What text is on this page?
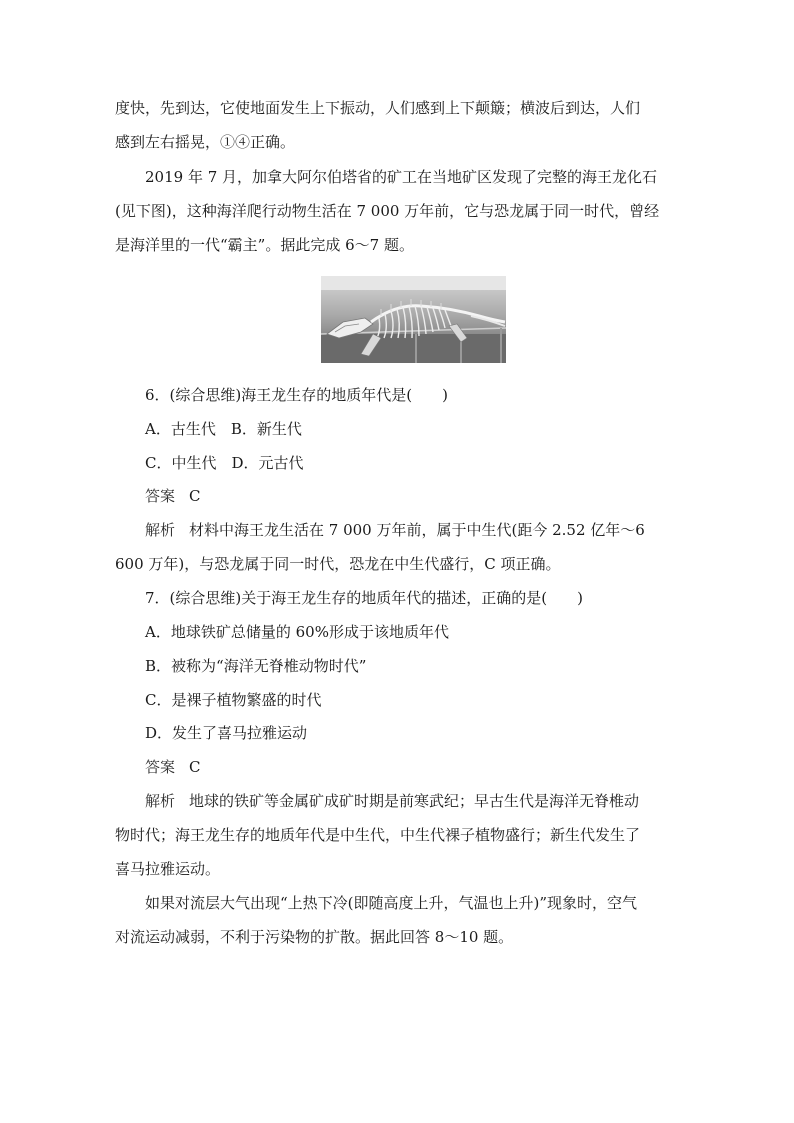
度快，先到达，它使地面发生上下振动，人们感到上下颠簸；横波后到达，人们
感到左右摇晃，①④正确。
2019 年 7 月，加拿大阿尔伯塔省的矿工在当地矿区发现了完整的海王龙化石
(见下图)，这种海洋爬行动物生活在 7 000 万年前，它与恐龙属于同一时代，曾经
是海洋里的一代“霸主”。据此完成 6～7 题。
6．(综合思维)海王龙生存的地质年代是(　　)
A．古生代　B．新生代
C．中生代　D．元古代
答案 C
解析 材料中海王龙生活在 7 000 万年前，属于中生代(距今 2.52 亿年～6
600 万年)，与恐龙属于同一时代，恐龙在中生代盛行，C 项正确。
7．(综合思维)关于海王龙生存的地质年代的描述，正确的是(　　)
A．地球铁矿总储量的 60%形成于该地质年代
B．被称为“海洋无脊椎动物时代”
C．是裸子植物繁盛的时代
D．发生了喜马拉雅运动
答案 C
解析 地球的铁矿等金属矿成矿时期是前寒武纪；早古生代是海洋无脊椎动
物时代；海王龙生存的地质年代是中生代，中生代裸子植物盛行；新生代发生了
喜马拉雅运动。
如果对流层大气出现“上热下冷(即随高度上升，气温也上升)”现象时，空气
对流运动减弱，不利于污染物的扩散。据此回答 8～10 题。
